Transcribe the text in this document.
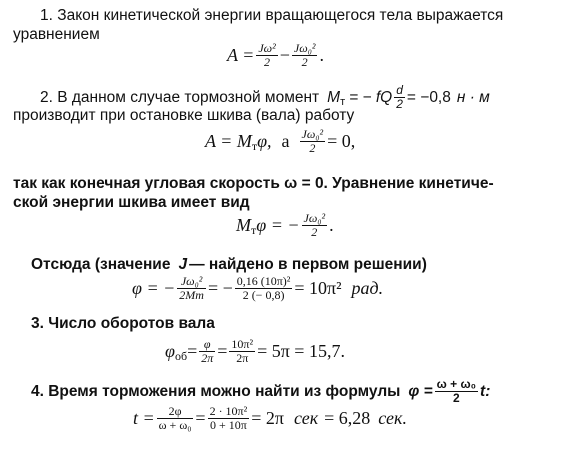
1. Закон кинетической энергии вращающегося тела выражается
уравнением
$A = \frac{\text{Jω²}}{2} - \frac{\text{Jω₀²}}{2}$ .
2. В данном случае тормозной момент M т = − fQ $\frac{d}{2} = -0,8$ н · м
производит при остановке шкива (вала) работу
A = M т φ, а $\frac{\text{Jω₀²}}{2} = 0$,
так как конечная угловая скорость ω = 0. Уравнение кинетиче-
ской энергии шкива имеет вид
M т φ = − $\frac{\text{Jω₀²}}{2}$ .
Отсюда (значение J — найдено в первом решении)
φ = − $\frac{\text{Jω₀²}}{2Mт}$ = − $\frac{\text{0,16 (10π)²}}{2 (- 0,8)} = 10\pi^2$ рад.
3. Число оборотов вала
φ об = $\frac{\varphi}{2\pi} = \frac{\text{10π²}}{2\pi} = 5\pi = 15,7$.
4. Время торможения можно найти из формулы $\varphi = \frac{\text{ω + ω₀}}{2} t$:
$t = \frac{2\varphi}{\text{ω + ω₀}} = \frac{\text{2 · 10π²}}{0 + 10\pi} = 2\pi$ сек = 6,28 сек.
